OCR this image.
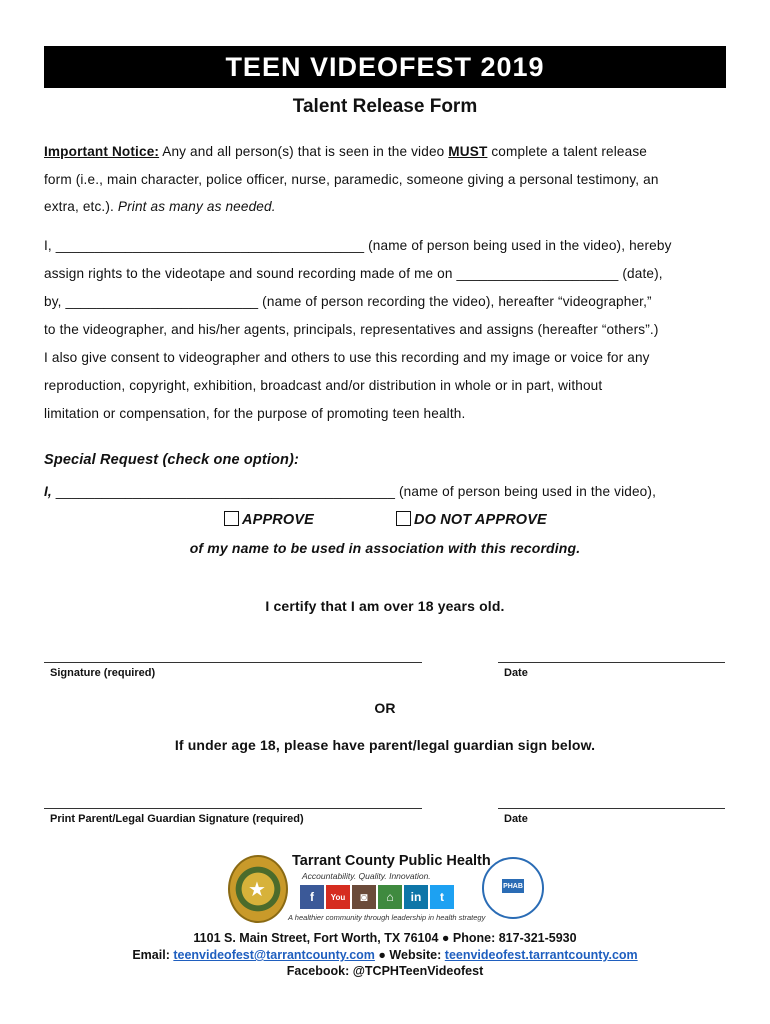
TEEN VIDEOFEST 2019
Talent Release Form
Important Notice: Any and all person(s) that is seen in the video MUST complete a talent release
form (i.e., main character, police officer, nurse, paramedic, someone giving a personal testimony, an
extra, etc.). Print as many as needed.
I, ________________________________________ (name of person being used in the video), hereby
assign rights to the videotape and sound recording made of me on _____________________ (date),
by, _________________________ (name of person recording the video), hereafter “videographer,”
to the videographer, and his/her agents, principals, representatives and assigns (hereafter “others”.)
I also give consent to videographer and others to use this recording and my image or voice for any
reproduction, copyright, exhibition, broadcast and/or distribution in whole or in part, without
limitation or compensation, for the purpose of promoting teen health.
Special Request (check one option):
I, ____________________________________________ (name of person being used in the video),
APPROVE	DO NOT APPROVE
of my name to be used in association with this recording.
I certify that I am over 18 years old.
Signature (required)	Date
OR
If under age 18, please have parent/legal guardian sign below.
Print Parent/Legal Guardian Signature (required)	Date
★
Tarrant County Public Health
Accountability. Quality. Innovation.
f	You	◙	⌂	in	t
A healthier community through leadership in health strategy
PHAB
1101 S. Main Street, Fort Worth, TX 76104 ● Phone: 817-321-5930
Email: teenvideofest@tarrantcounty.com ● Website: teenvideofest.tarrantcounty.com
Facebook: @TCPHTeenVideofest
